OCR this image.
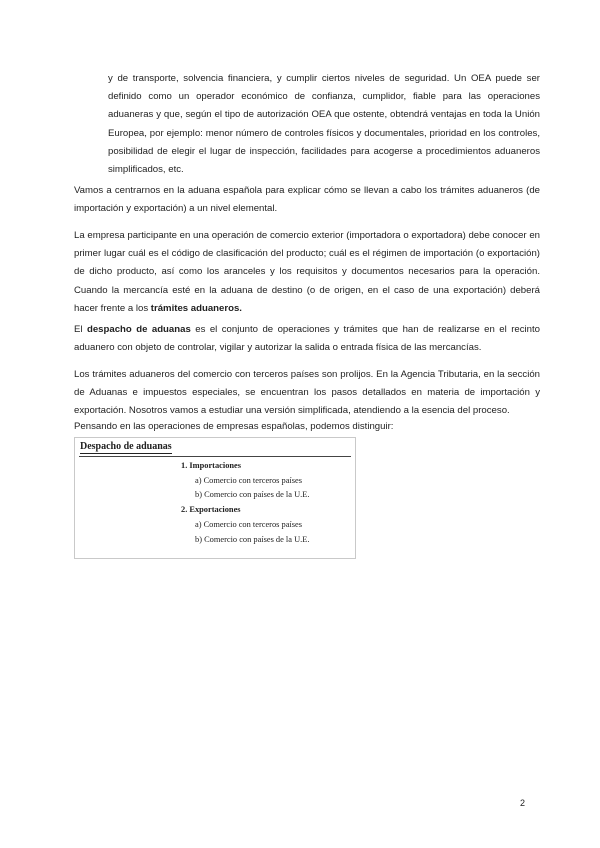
y de transporte, solvencia financiera, y cumplir ciertos niveles de seguridad. Un OEA puede ser definido como un operador económico de confianza, cumplidor, fiable para las operaciones aduaneras y que, según el tipo de autorización OEA que ostente, obtendrá ventajas en toda la Unión Europea, por ejemplo: menor número de controles físicos y documentales, prioridad en los controles, posibilidad de elegir el lugar de inspección, facilidades para acogerse a procedimientos aduaneros simplificados, etc.
Vamos a centrarnos en la aduana española para explicar cómo se llevan a cabo los trámites aduaneros (de importación y exportación) a un nivel elemental.
La empresa participante en una operación de comercio exterior (importadora o exportadora) debe conocer en primer lugar cuál es el código de clasificación del producto; cuál es el régimen de importación (o exportación) de dicho producto, así como los aranceles y los requisitos y documentos necesarios para la operación. Cuando la mercancía esté en la aduana de destino (o de origen, en el caso de una exportación) deberá hacer frente a los trámites aduaneros.
El despacho de aduanas es el conjunto de operaciones y trámites que han de realizarse en el recinto aduanero con objeto de controlar, vigilar y autorizar la salida o entrada física de las mercancías.
Los trámites aduaneros del comercio con terceros países son prolijos. En la Agencia Tributaria, en la sección de Aduanas e impuestos especiales, se encuentran los pasos detallados en materia de importación y exportación. Nosotros vamos a estudiar una versión simplificada, atendiendo a la esencia del proceso.
Pensando en las operaciones de empresas españolas, podemos distinguir:
Despacho de aduanas
1. Importaciones
a) Comercio con terceros países
b) Comercio con países de la U.E.
2. Exportaciones
a) Comercio con terceros países
b) Comercio con países de la U.E.
2
